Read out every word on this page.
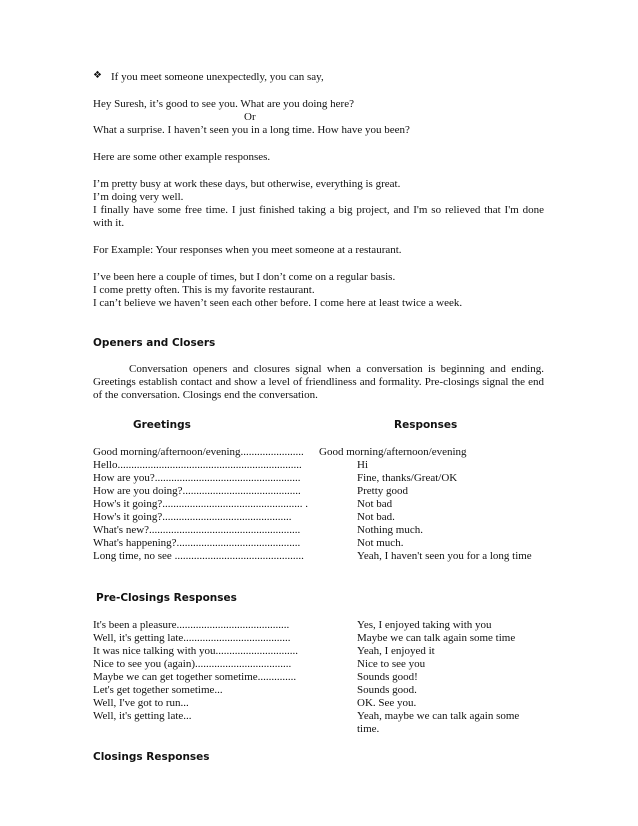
❖If you meet someone unexpectedly, you can say,
Hey Suresh, it’s good to see you. What are you doing here?
Or
What a surprise. I haven’t seen you in a long time. How have you been?
Here are some other example responses.
I’m pretty busy at work these days, but otherwise, everything is great.
I’m doing very well.
I finally have some free time. I just finished taking a big project, and I'm so relieved that I'm done with it.
For Example: Your responses when you meet someone at a restaurant.
I’ve been here a couple of times, but I don’t come on a regular basis.
I come pretty often. This is my favorite restaurant.
I can’t believe we haven’t seen each other before. I come here at least twice a week.
Openers and Closers
Conversation openers and closures signal when a conversation is beginning and ending. Greetings establish contact and show a level of friendliness and formality. Pre-closings signal the end of the conversation. Closings end the conversation.
Greetings	Responses
Good morning/afternoon/evening....................... Good morning/afternoon/evening
Hello...................................................................	Hi
How are you?.....................................................	Fine, thanks/Great/OK
How are you doing?...........................................	Pretty good
How's it going?................................................... .	Not bad
How's it going?...............................................	Not bad.
What's new?.......................................................	Nothing much.
What's happening?.............................................	Not much.
Long time, no see ...............................................	Yeah, I haven't seen you for a long time
Pre-Closings Responses
It's been a pleasure.........................................	Yes, I enjoyed taking with you
Well, it's getting late.......................................	Maybe we can talk again some time
It was nice talking with you..............................	Yeah, I enjoyed it
Nice to see you (again)...................................	Nice to see you
Maybe we can get together sometime..............	Sounds good!
Let's get together sometime...	Sounds good.
Well, I've got to run...	OK. See you.
Well, it's getting late...	Yeah, maybe we can talk again some
time.
Closings Responses
